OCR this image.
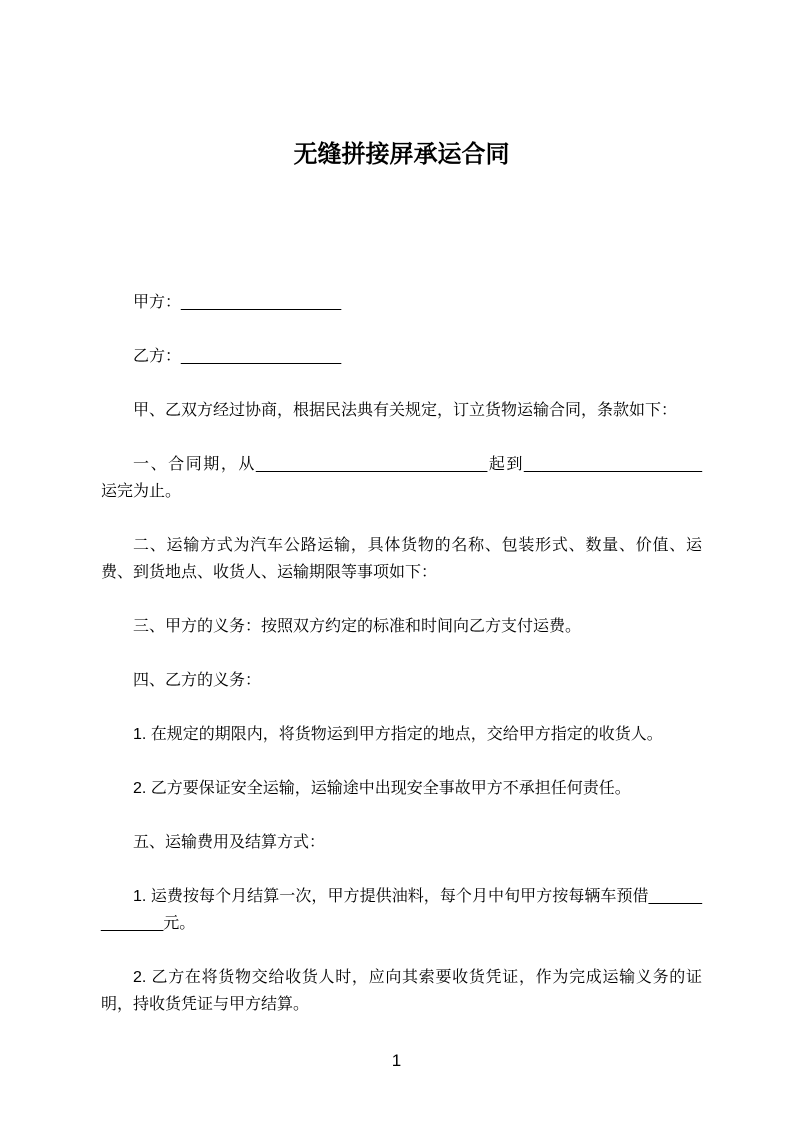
无缝拼接屏承运合同

甲方：__________________

乙方：__________________

甲、乙双方经过协商，根据民法典有关规定，订立货物运输合同，条款如下：

一、合同期，从__________________________起到____________________运完为止。

二、运输方式为汽车公路运输，具体货物的名称、包装形式、数量、价值、运费、到货地点、收货人、运输期限等事项如下：

三、甲方的义务：按照双方约定的标准和时间向乙方支付运费。

四、乙方的义务：

1. 在规定的期限内，将货物运到甲方指定的地点，交给甲方指定的收货人。

2. 乙方要保证安全运输，运输途中出现安全事故甲方不承担任何责任。

五、运输费用及结算方式：

1. 运费按每个月结算一次，甲方提供油料，每个月中旬甲方按每辆车预借_____________元。

2. 乙方在将货物交给收货人时，应向其索要收货凭证，作为完成运输义务的证明，持收货凭证与甲方结算。

1
